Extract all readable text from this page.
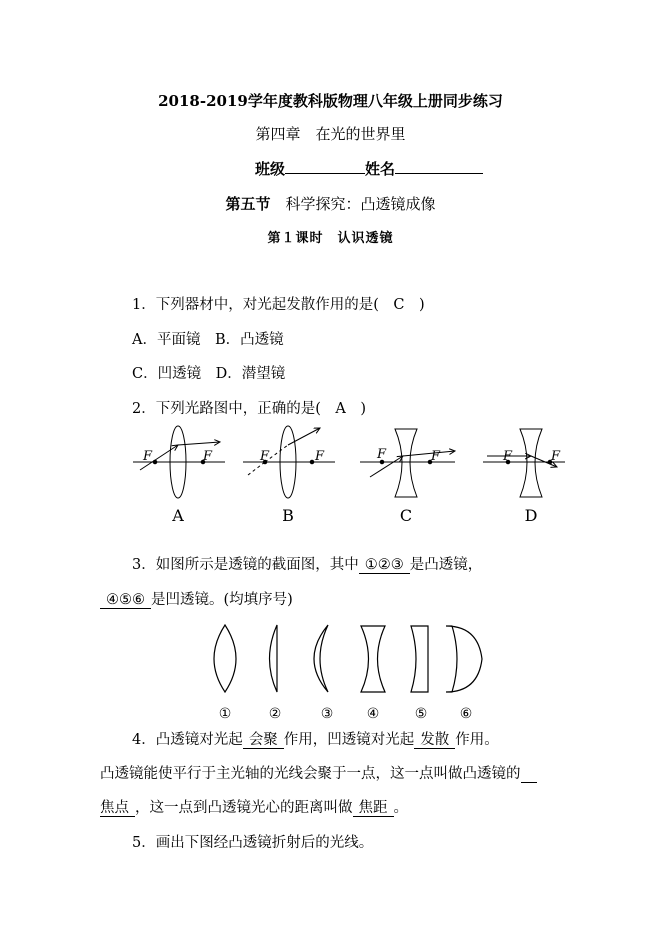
2018-2019学年度教科版物理八年级上册同步练习
第四章　在光的世界里
班级	姓名
第五节　科学探究：凸透镜成像
第１课时　认识透镜
1．下列器材中，对光起发散作用的是(　 C　 )
A．平面镜　B．凸透镜
C．凹透镜　D．潜望镜
2．下列光路图中，正确的是(　 A　 )
F	F	F	F	F	F	F	F
A	B	C	D
3．如图所示是透镜的截面图，其中 ①②③ 是凸透镜，
④⑤⑥ 是凹透镜。(均填序号)
①	②	③ ④	⑤ ⑥
4．凸透镜对光起 会聚 作用，凹透镜对光起 发散 作用。
凸透镜能使平行于主光轴的光线会聚于一点，这一点叫做凸透镜的
焦点 ，这一点到凸透镜光心的距离叫做 焦距 。
5．画出下图经凸透镜折射后的光线。
